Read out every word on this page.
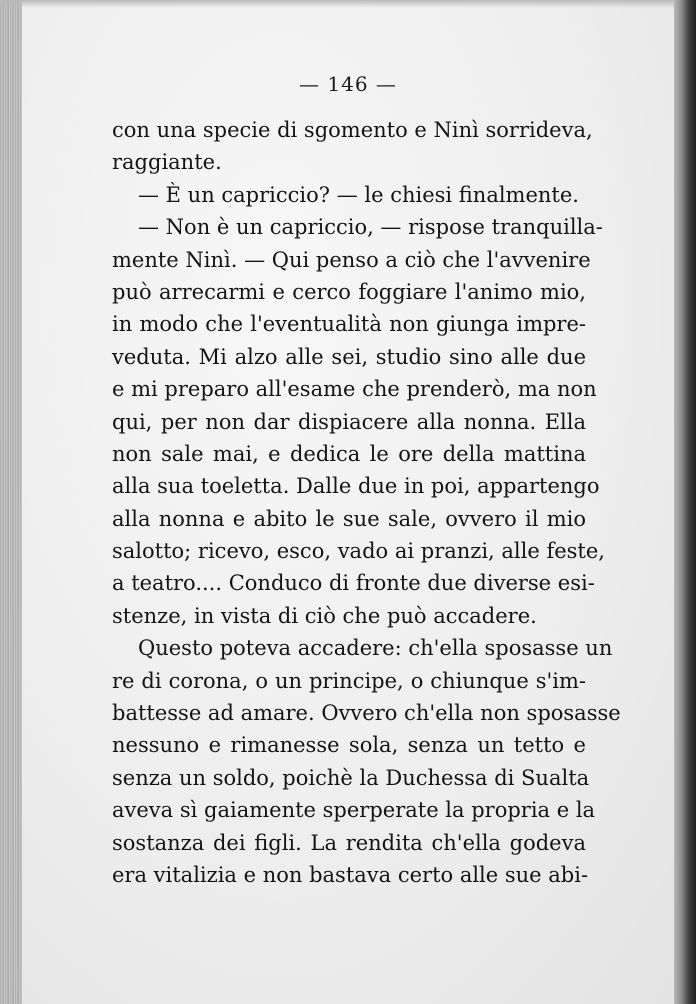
— 146 —
con una specie di sgomento e Ninì sorrideva,
raggiante.
— È un capriccio? — le chiesi finalmente.
— Non è un capriccio, — rispose tranquilla-
mente Ninì. — Qui penso a ciò che l'avvenire
può arrecarmi e cerco foggiare l'animo mio,
in modo che l'eventualità non giunga impre-
veduta. Mi alzo alle sei, studio sino alle due
e mi preparo all'esame che prenderò, ma non
qui, per non dar dispiacere alla nonna. Ella
non sale mai, e dedica le ore della mattina
alla sua toeletta. Dalle due in poi, appartengo
alla nonna e abito le sue sale, ovvero il mio
salotto; ricevo, esco, vado ai pranzi, alle feste,
a teatro.... Conduco di fronte due diverse esi-
stenze, in vista di ciò che può accadere.
Questo poteva accadere: ch'ella sposasse un
re di corona, o un principe, o chiunque s'im-
battesse ad amare. Ovvero ch'ella non sposasse
nessuno e rimanesse sola, senza un tetto e
senza un soldo, poichè la Duchessa di Sualta
aveva sì gaiamente sperperate la propria e la
sostanza dei figli. La rendita ch'ella godeva
era vitalizia e non bastava certo alle sue abi-
